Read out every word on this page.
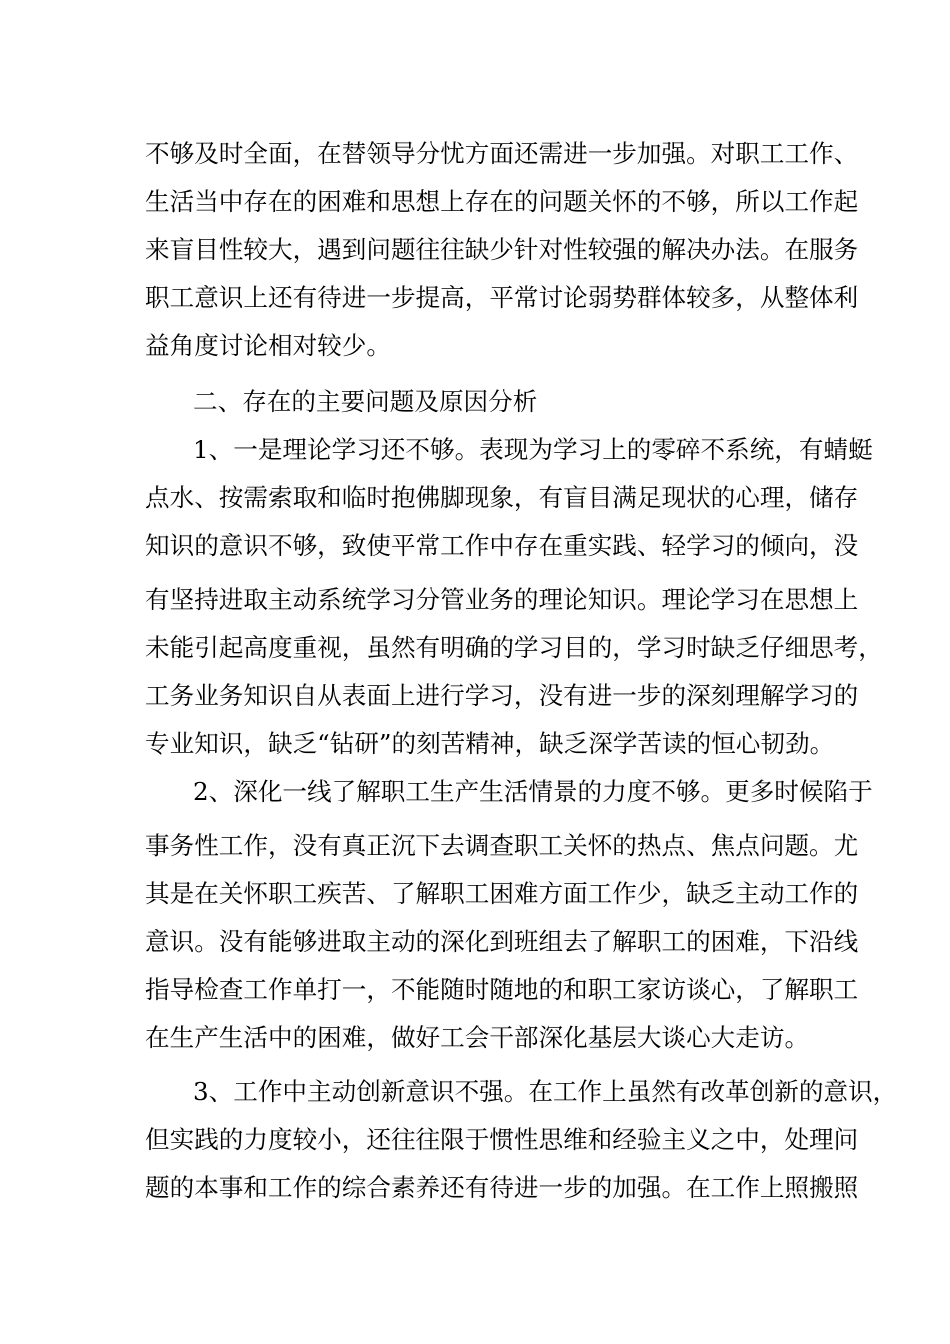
不够及时全面，在替领导分忧方面还需进一步加强。对职工工作、
生活当中存在的困难和思想上存在的问题关怀的不够，所以工作起
来盲目性较大，遇到问题往往缺少针对性较强的解决办法。在服务
职工意识上还有待进一步提高，平常讨论弱势群体较多，从整体利
益角度讨论相对较少。
二、存在的主要问题及原因分析
1、一是理论学习还不够。表现为学习上的零碎不系统，有蜻蜓
点水、按需索取和临时抱佛脚现象，有盲目满足现状的心理，储存
知识的意识不够，致使平常工作中存在重实践、轻学习的倾向，没
有坚持进取主动系统学习分管业务的理论知识。理论学习在思想上
未能引起高度重视，虽然有明确的学习目的，学习时缺乏仔细思考，
工务业务知识自从表面上进行学习，没有进一步的深刻理解学习的
专业知识，缺乏“钻研”的刻苦精神，缺乏深学苦读的恒心韧劲。
2、深化一线了解职工生产生活情景的力度不够。更多时候陷于
事务性工作，没有真正沉下去调查职工关怀的热点、焦点问题。尤
其是在关怀职工疾苦、了解职工困难方面工作少，缺乏主动工作的
意识。没有能够进取主动的深化到班组去了解职工的困难，下沿线
指导检查工作单打一，不能随时随地的和职工家访谈心，了解职工
在生产生活中的困难，做好工会干部深化基层大谈心大走访。
3、工作中主动创新意识不强。在工作上虽然有改革创新的意识，
但实践的力度较小，还往往限于惯性思维和经验主义之中，处理问
题的本事和工作的综合素养还有待进一步的加强。在工作上照搬照
